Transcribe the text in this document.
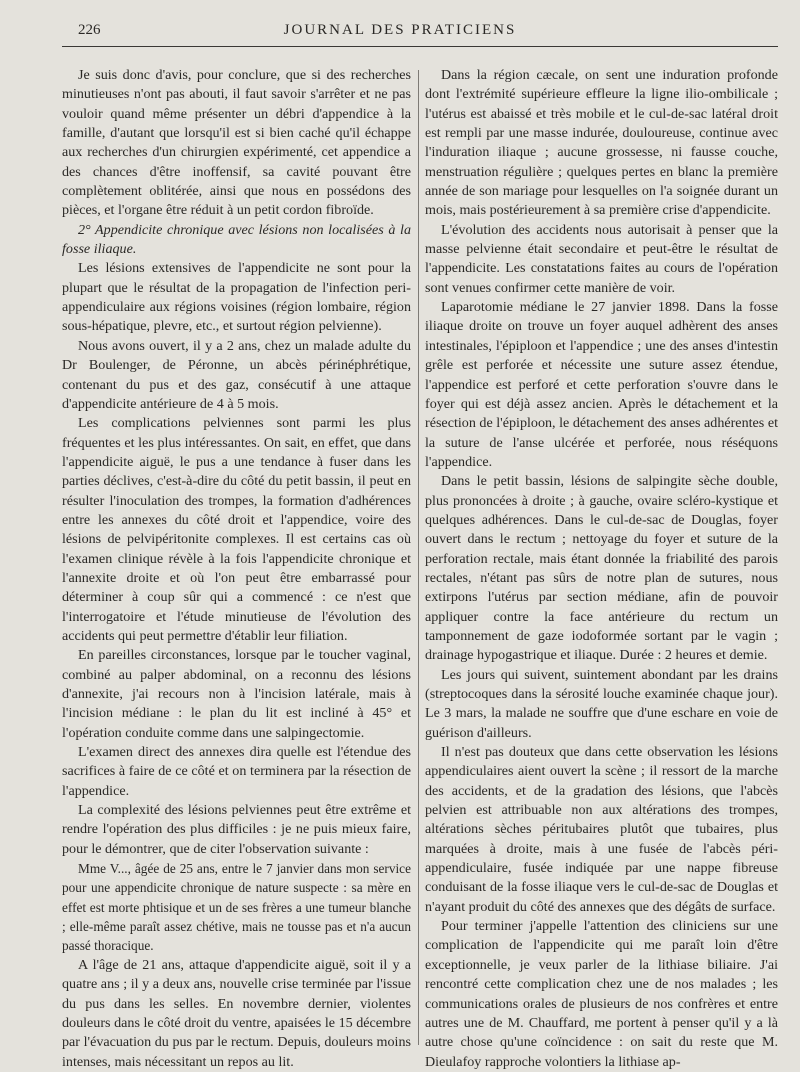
226	JOURNAL DES PRATICIENS

Je suis donc d'avis, pour conclure, que si des recherches minutieuses n'ont pas abouti, il faut savoir s'arrêter et ne pas vouloir quand même présenter un débri d'appendice à la famille, d'autant que lorsqu'il est si bien caché qu'il échappe aux recherches d'un chirurgien expérimenté, cet appendice a des chances d'être inoffensif, sa cavité pouvant être complètement oblitérée, ainsi que nous en possédons des pièces, et l'organe être réduit à un petit cordon fibroïde.

2° Appendicite chronique avec lésions non localisées à la fosse iliaque.

Les lésions extensives de l'appendicite ne sont pour la plupart que le résultat de la propagation de l'infection peri-appendiculaire aux régions voisines (région lombaire, région sous-hépatique, plevre, etc., et surtout région pelvienne).

Nous avons ouvert, il y a 2 ans, chez un malade adulte du Dr Boulenger, de Péronne, un abcès périnéphrétique, contenant du pus et des gaz, consécutif à une attaque d'appendicite antérieure de 4 à 5 mois.

Les complications pelviennes sont parmi les plus fréquentes et les plus intéressantes. On sait, en effet, que dans l'appendicite aiguë, le pus a une tendance à fuser dans les parties déclives, c'est-à-dire du côté du petit bassin, il peut en résulter l'inoculation des trompes, la formation d'adhérences entre les annexes du côté droit et l'appendice, voire des lésions de pelvipéritonite complexes. Il est certains cas où l'examen clinique révèle à la fois l'appendicite chronique et l'annexite droite et où l'on peut être embarrassé pour déterminer à coup sûr qui a commencé : ce n'est que l'interrogatoire et l'étude minutieuse de l'évolution des accidents qui peut permettre d'établir leur filiation.

En pareilles circonstances, lorsque par le toucher vaginal, combiné au palper abdominal, on a reconnu des lésions d'annexite, j'ai recours non à l'incision latérale, mais à l'incision médiane : le plan du lit est incliné à 45° et l'opération conduite comme dans une salpingectomie.

L'examen direct des annexes dira quelle est l'étendue des sacrifices à faire de ce côté et on terminera par la résection de l'appendice.

La complexité des lésions pelviennes peut être extrême et rendre l'opération des plus difficiles : je ne puis mieux faire, pour le démontrer, que de citer l'observation suivante :

Mme V..., âgée de 25 ans, entre le 7 janvier dans mon service pour une appendicite chronique de nature suspecte : sa mère en effet est morte phtisique et un de ses frères a une tumeur blanche ; elle-même paraît assez chétive, mais ne tousse pas et n'a aucun passé thoracique.

A l'âge de 21 ans, attaque d'appendicite aiguë, soit il y a quatre ans ; il y a deux ans, nouvelle crise terminée par l'issue du pus dans les selles. En novembre dernier, violentes douleurs dans le côté droit du ventre, apaisées le 15 décembre par l'évacuation du pus par le rectum. Depuis, douleurs moins intenses, mais nécessitant un repos au lit.

Dans la région cæcale, on sent une induration profonde dont l'extrémité supérieure effleure la ligne ilio-ombilicale ; l'utérus est abaissé et très mobile et le cul-de-sac latéral droit est rempli par une masse indurée, douloureuse, continue avec l'induration iliaque ; aucune grossesse, ni fausse couche, menstruation régulière ; quelques pertes en blanc la première année de son mariage pour lesquelles on l'a soignée durant un mois, mais postérieurement à sa première crise d'appendicite.

L'évolution des accidents nous autorisait à penser que la masse pelvienne était secondaire et peut-être le résultat de l'appendicite. Les constatations faites au cours de l'opération sont venues confirmer cette manière de voir.

Laparotomie médiane le 27 janvier 1898. Dans la fosse iliaque droite on trouve un foyer auquel adhèrent des anses intestinales, l'épiploon et l'appendice ; une des anses d'intestin grêle est perforée et nécessite une suture assez étendue, l'appendice est perforé et cette perforation s'ouvre dans le foyer qui est déjà assez ancien. Après le détachement et la résection de l'épiploon, le détachement des anses adhérentes et la suture de l'anse ulcérée et perforée, nous réséquons l'appendice.

Dans le petit bassin, lésions de salpingite sèche double, plus prononcées à droite ; à gauche, ovaire scléro-kystique et quelques adhérences. Dans le cul-de-sac de Douglas, foyer ouvert dans le rectum ; nettoyage du foyer et suture de la perforation rectale, mais étant donnée la friabilité des parois rectales, n'étant pas sûrs de notre plan de sutures, nous extirpons l'utérus par section médiane, afin de pouvoir appliquer contre la face antérieure du rectum un tamponnement de gaze iodoformée sortant par le vagin ; drainage hypogastrique et iliaque. Durée : 2 heures et demie.

Les jours qui suivent, suintement abondant par les drains (streptocoques dans la sérosité louche examinée chaque jour). Le 3 mars, la malade ne souffre que d'une eschare en voie de guérison d'ailleurs.

Il n'est pas douteux que dans cette observation les lésions appendiculaires aient ouvert la scène ; il ressort de la marche des accidents, et de la gradation des lésions, que l'abcès pelvien est attribuable non aux altérations des trompes, altérations sèches péritubaires plutôt que tubaires, plus marquées à droite, mais à une fusée de l'abcès péri-appendiculaire, fusée indiquée par une nappe fibreuse conduisant de la fosse iliaque vers le cul-de-sac de Douglas et n'ayant produit du côté des annexes que des dégâts de surface.

Pour terminer j'appelle l'attention des cliniciens sur une complication de l'appendicite qui me paraît loin d'être exceptionnelle, je veux parler de la lithiase biliaire. J'ai rencontré cette complication chez une de nos malades ; les communications orales de plusieurs de nos confrères et entre autres une de M. Chauffard, me portent à penser qu'il y a là autre chose qu'une coïncidence : on sait du reste que M. Dieulafoy rapproche volontiers la lithiase ap-
